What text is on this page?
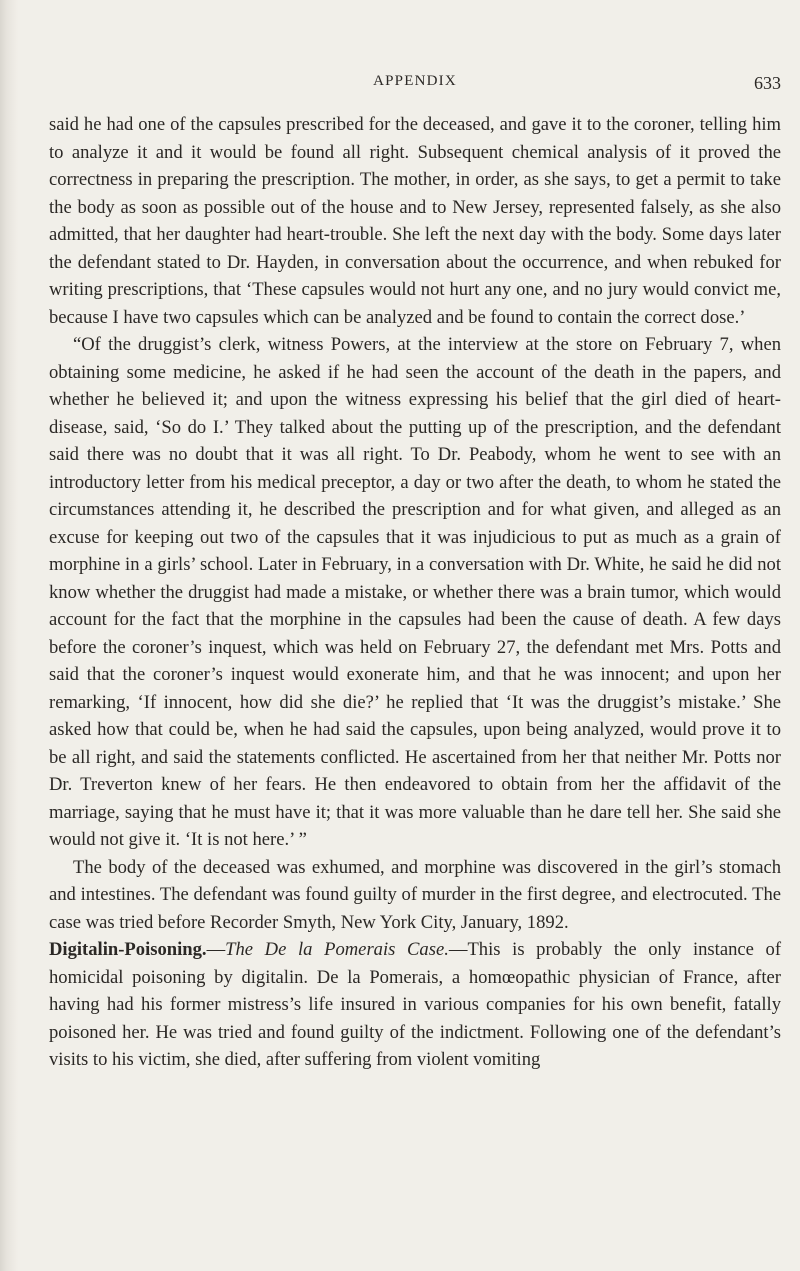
APPENDIX	633

said he had one of the capsules prescribed for the deceased, and gave it to the coroner, telling him to analyze it and it would be found all right. Subsequent chemical analysis of it proved the correctness in preparing the prescription. The mother, in order, as she says, to get a permit to take the body as soon as possible out of the house and to New Jersey, represented falsely, as she also admitted, that her daughter had heart-trouble. She left the next day with the body. Some days later the defendant stated to Dr. Hayden, in conversation about the occurrence, and when rebuked for writing prescriptions, that ‘These capsules would not hurt any one, and no jury would convict me, because I have two capsules which can be analyzed and be found to contain the correct dose.’

“Of the druggist’s clerk, witness Powers, at the interview at the store on February 7, when obtaining some medicine, he asked if he had seen the account of the death in the papers, and whether he believed it; and upon the witness expressing his belief that the girl died of heart-disease, said, ‘So do I.’ They talked about the putting up of the prescription, and the defendant said there was no doubt that it was all right. To Dr. Peabody, whom he went to see with an introductory letter from his medical preceptor, a day or two after the death, to whom he stated the circumstances attending it, he described the prescription and for what given, and alleged as an excuse for keeping out two of the capsules that it was injudicious to put as much as a grain of morphine in a girls’ school. Later in February, in a conversation with Dr. White, he said he did not know whether the druggist had made a mistake, or whether there was a brain tumor, which would account for the fact that the morphine in the capsules had been the cause of death. A few days before the coroner’s inquest, which was held on February 27, the defendant met Mrs. Potts and said that the coroner’s inquest would exonerate him, and that he was innocent; and upon her remarking, ‘If innocent, how did she die?’ he replied that ‘It was the druggist’s mistake.’ She asked how that could be, when he had said the capsules, upon being analyzed, would prove it to be all right, and said the statements conflicted. He ascertained from her that neither Mr. Potts nor Dr. Treverton knew of her fears. He then endeavored to obtain from her the affidavit of the marriage, saying that he must have it; that it was more valuable than he dare tell her. She said she would not give it. ‘It is not here.’ ”

The body of the deceased was exhumed, and morphine was discovered in the girl’s stomach and intestines. The defendant was found guilty of murder in the first degree, and electrocuted. The case was tried before Recorder Smyth, New York City, January, 1892.

Digitalin-Poisoning.—The De la Pomerais Case.—This is probably the only instance of homicidal poisoning by digitalin. De la Pomerais, a homœopathic physician of France, after having had his former mistress’s life insured in various companies for his own benefit, fatally poisoned her. He was tried and found guilty of the indictment. Following one of the defendant’s visits to his victim, she died, after suffering from violent vomiting
